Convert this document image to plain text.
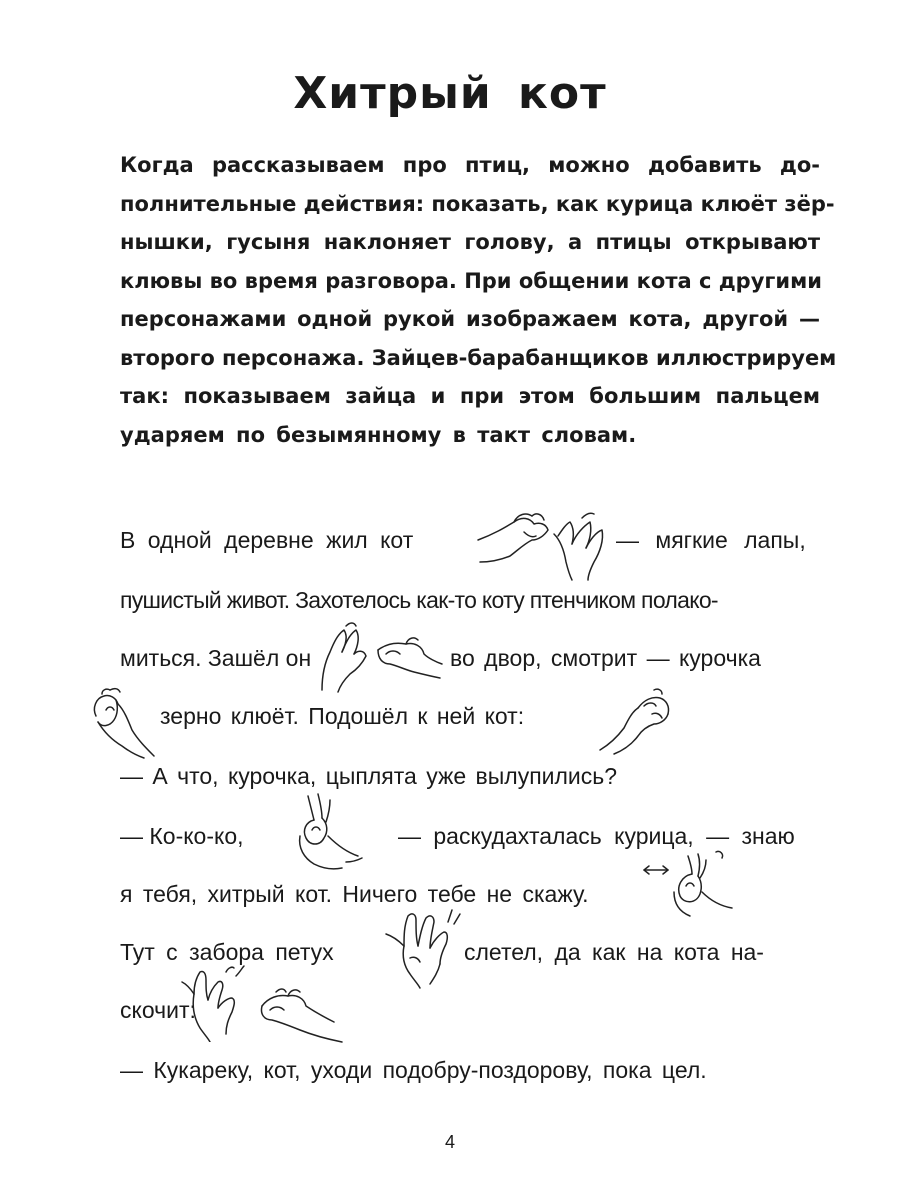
Хитрый кот
Когда рассказываем про птиц, можно добавить до-
полнительные действия: показать, как курица клюёт зёр-
нышки, гусыня наклоняет голову, а птицы открывают
клювы во время разговора. При общении кота с другими
персонажами одной рукой изображаем кота, другой —
второго персонажа. Зайцев-барабанщиков иллюстрируем
так: показываем зайца и при этом большим пальцем
ударяем по безымянному в такт словам.
В одной деревне жил кот	— мягкие лапы,
пушистый живот. Захотелось как-то коту птенчиком полако-
миться. Зашёл он	во двор, смотрит — курочка
зерно клюёт. Подошёл к ней кот:
— А что, курочка, цыплята уже вылупились?
— Ко-ко-ко,	— раскудахталась курица, — знаю
я тебя, хитрый кот. Ничего тебе не скажу.
Тут с забора петух	слетел, да как на кота на-
скочит:
— Кукареку, кот, уходи подобру-поздорову, пока цел.
4
